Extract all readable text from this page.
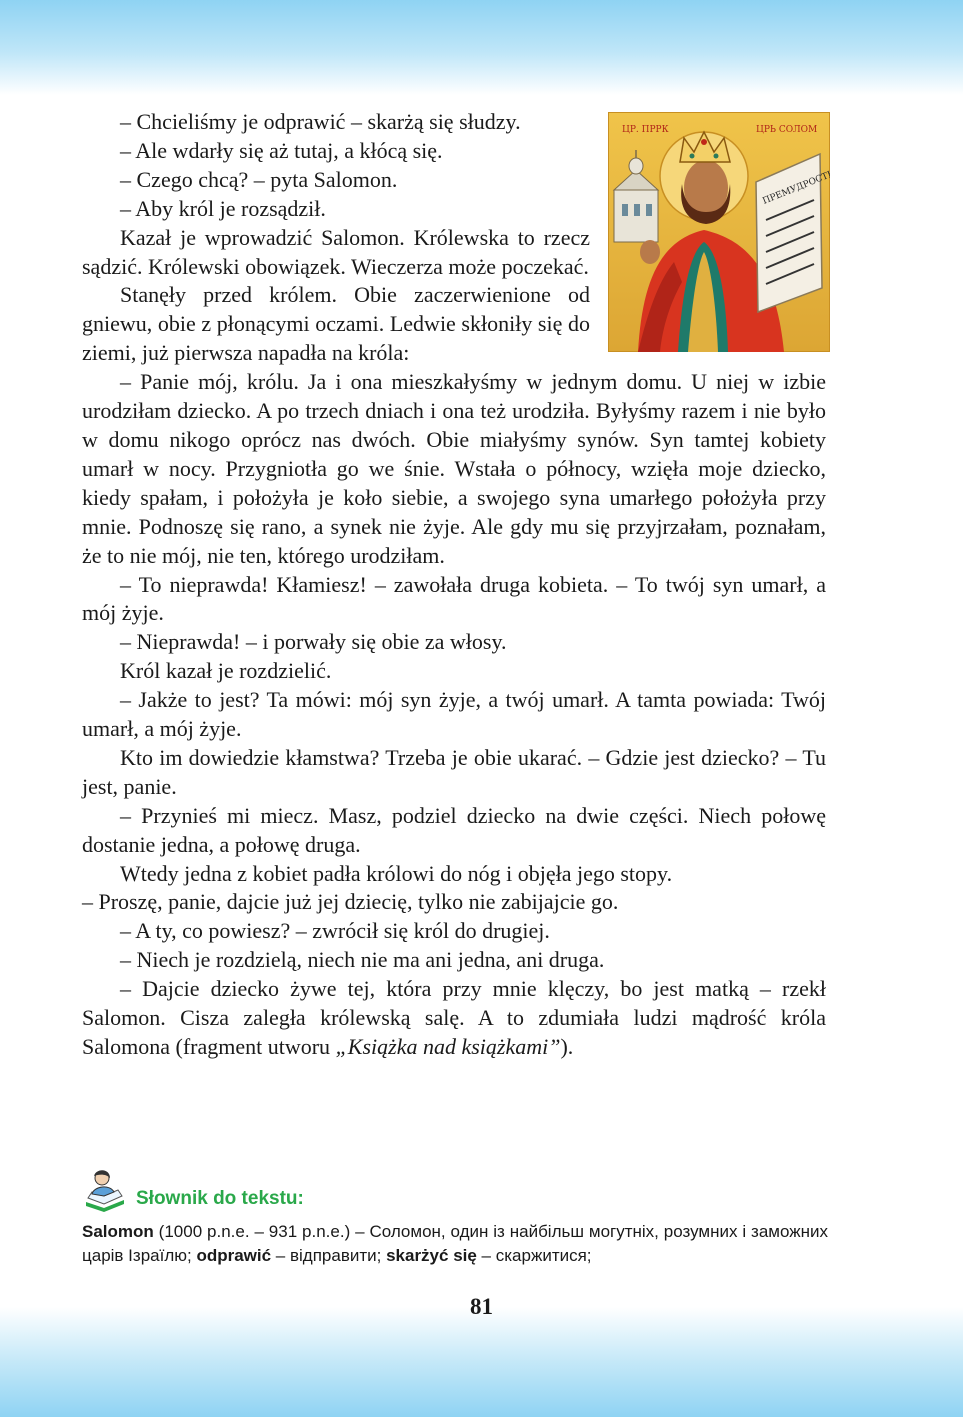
ЦР. ПРРК	ЦРЬ СОЛОМ
ПРЕМУДРОСТЬ

– Chcieliśmy je odprawić – skarżą się słudzy.

– Ale wdarły się aż tutaj, a kłócą się.

– Czego chcą? – pyta Salomon.

– Aby król je rozsądził.

Kazał je wprowadzić Salomon. Królewska to rzecz sądzić. Królewski obowiązek. Wieczerza może poczekać.

Stanęły przed królem. Obie zaczerwienione od gniewu, obie z płonącymi oczami. Ledwie skłoniły się do ziemi, już pierwsza napadła na króla:

– Panie mój, królu. Ja i ona mieszkałyśmy w jednym domu. U niej w izbie urodziłam dziecko. A po trzech dniach i ona też urodziła. Byłyśmy razem i nie było w domu nikogo oprócz nas dwóch. Obie miałyśmy synów. Syn tamtej kobiety umarł w nocy. Przygniotła go we śnie. Wstała o północy, wzięła moje dziecko, kiedy spałam, i położyła je koło siebie, a swojego syna umarłego położyła przy mnie. Podnoszę się rano, a synek nie żyje. Ale gdy mu się przyjrzałam, poznałam, że to nie mój, nie ten, którego urodziłam.

– To nieprawda! Kłamiesz! – zawołała druga kobieta. – To twój syn umarł, a mój żyje.

– Nieprawda! – i porwały się obie za włosy.

Król kazał je rozdzielić.

– Jakże to jest? Ta mówi: mój syn żyje, a twój umarł. A tamta powiada: Twój umarł, a mój żyje.

Kto im dowiedzie kłamstwa? Trzeba je obie ukarać. – Gdzie jest dziecko? – Tu jest, panie.

– Przynieś mi miecz. Masz, podziel dziecko na dwie części. Niech połowę dostanie jedna, a połowę druga.

Wtedy jedna z kobiet padła królowi do nóg i objęła jego stopy.

– Proszę, panie, dajcie już jej dziecię, tylko nie zabijajcie go.

– A ty, co powiesz? – zwrócił się król do drugiej.

– Niech je rozdzielą, niech nie ma ani jedna, ani druga.

– Dajcie dziecko żywe tej, która przy mnie klęczy, bo jest matką – rzekł Salomon. Cisza zaległa królewską salę. A to zdumiała ludzi mądrość króla Salomona (fragment utworu „Książka nad książkami”).

Słownik do tekstu:
Salomon (1000 р.n.e. – 931 p.n.e.) – Соломон, один із найбільш могутніх, розумних і заможних царів Ізраїлю; odprawić – відправити; skarżyć się – скаржитися;
81
